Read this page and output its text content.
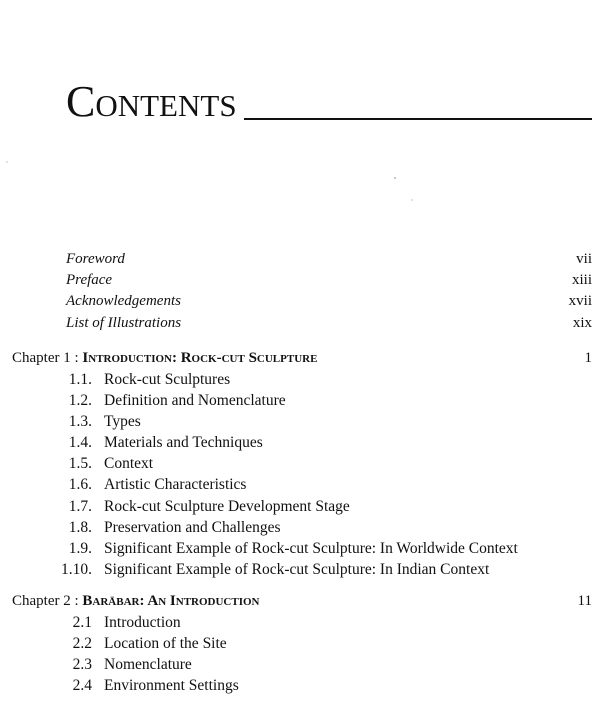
Contents
Foreword	vii
Preface	xiii
Acknowledgements	xvii
List of Illustrations	xix
Chapter 1 : Introduction: Rock-cut Sculpture	1
1.1. Rock-cut Sculptures
1.2. Definition and Nomenclature
1.3. Types
1.4. Materials and Techniques
1.5. Context
1.6. Artistic Characteristics
1.7. Rock-cut Sculpture Development Stage
1.8. Preservation and Challenges
1.9. Significant Example of Rock-cut Sculpture: In Worldwide Context
1.10. Significant Example of Rock-cut Sculpture: In Indian Context
Chapter 2 : Barābar: An Introduction	11
2.1 Introduction
2.2 Location of the Site
2.3 Nomenclature
2.4 Environment Settings
